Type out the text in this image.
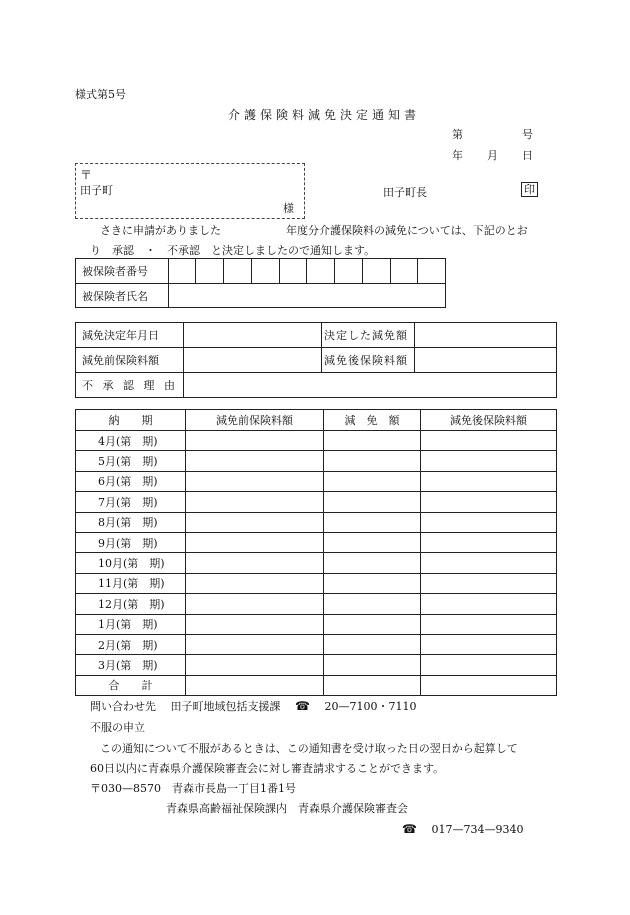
様式第5号
介護保険料減免決定通知書
第	号
年 月 日
〒
田子町
様
田子町長	印
さきに申請がありました	年度分介護保険料の減免については、下記のとお
り　承認　・　不承認　と決定しましたので通知します。
被保険者番号										
被保険者氏名										
減免決定年月日		決定した減免額	
減免前保険料額		減免後保険料額	
不 承 認 理 由			
納　　期	減免前保険料額	減　免　額	減免後保険料額
4月(第　期)			
5月(第　期)			
6月(第　期)			
7月(第　期)			
8月(第　期)			
9月(第　期)			
10月(第　期)			
11月(第　期)			
12月(第　期)			
1月(第　期)			
2月(第　期)			
3月(第　期)			
合　　計			
問い合わせ先　 田子町地域包括支援課　 ☎　 20—7100・7110
不服の申立
この通知について不服があるときは、この通知書を受け取った日の翌日から起算して
60日以内に青森県介護保険審査会に対し審査請求することができます。
〒030—8570　青森市長島一丁目1番1号
青森県高齢福祉保険課内　青森県介護保険審査会
☎　 017—734—9340
